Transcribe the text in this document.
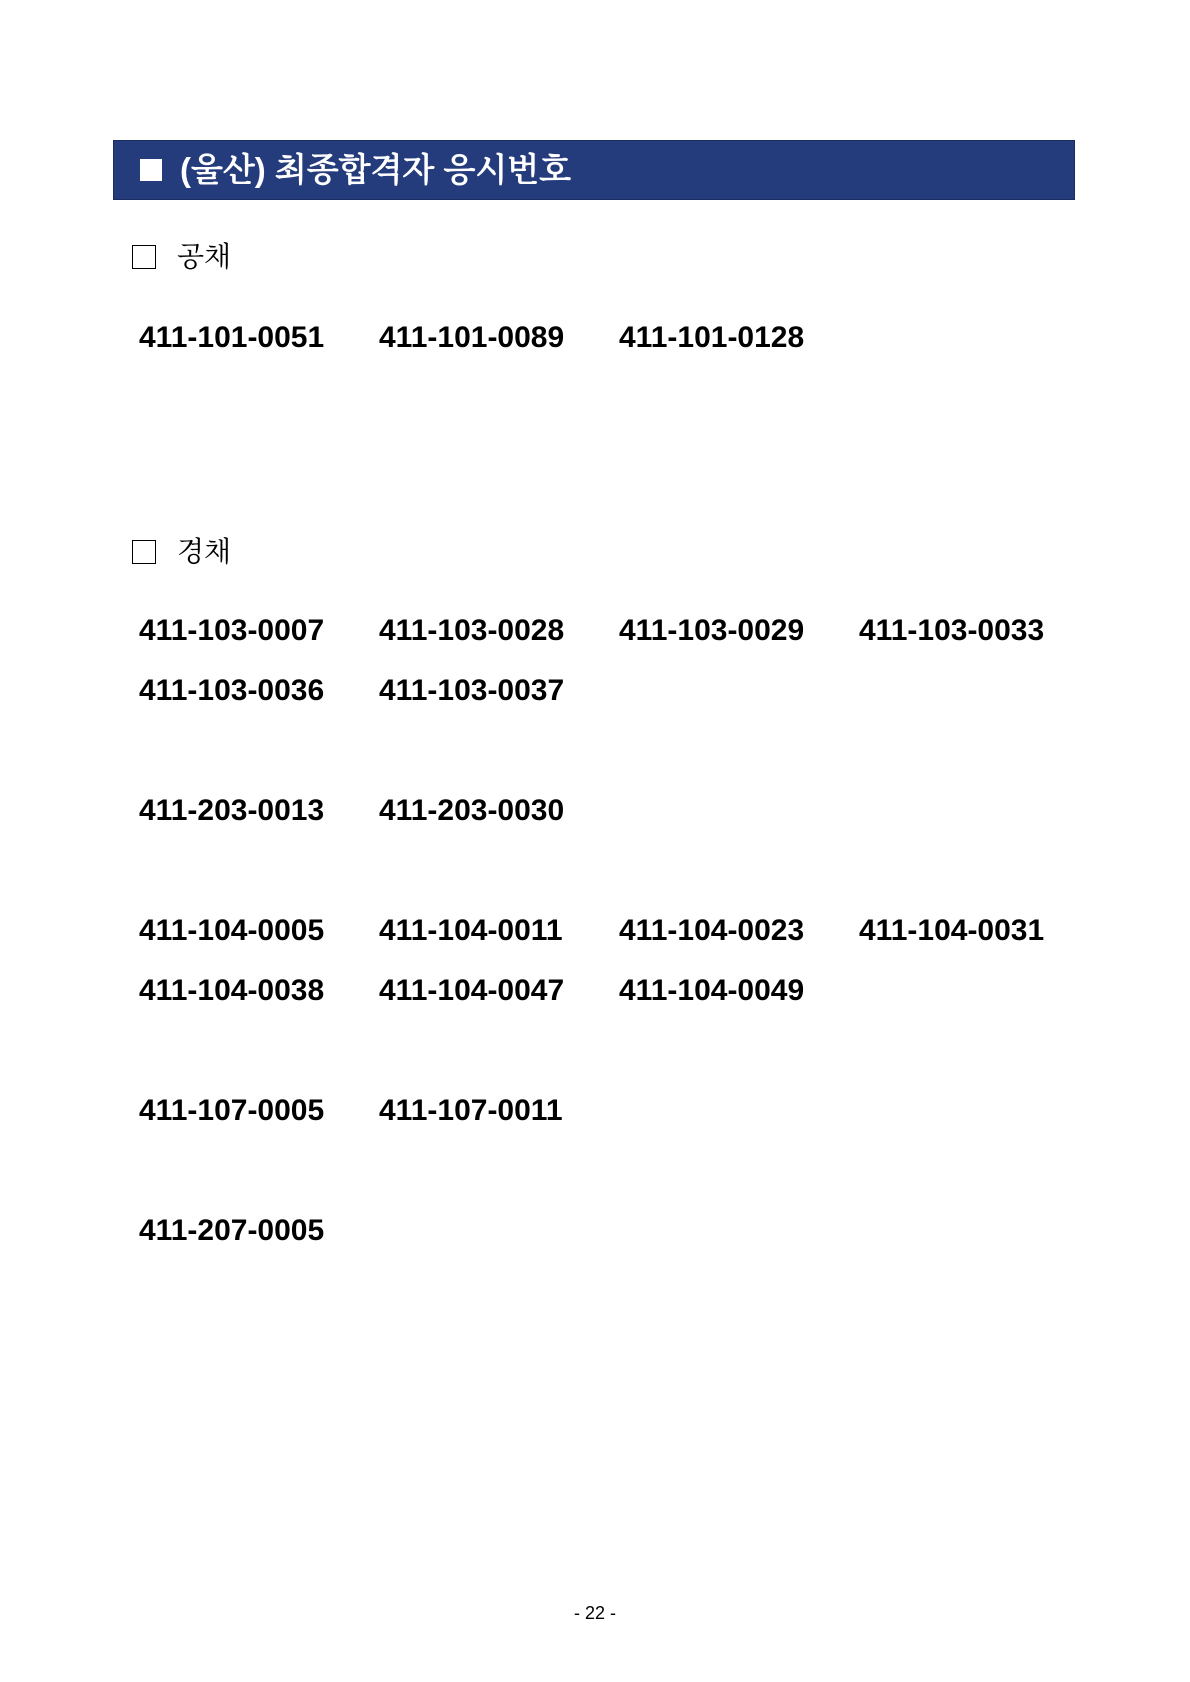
(울산) 최종합격자 응시번호
공채
411-101-0051	411-101-0089	411-101-0128
경채
411-103-0007	411-103-0028	411-103-0029	411-103-0033
411-103-0036	411-103-0037
411-203-0013	411-203-0030
411-104-0005	411-104-0011	411-104-0023	411-104-0031
411-104-0038	411-104-0047	411-104-0049
411-107-0005	411-107-0011
411-207-0005
- 22 -
